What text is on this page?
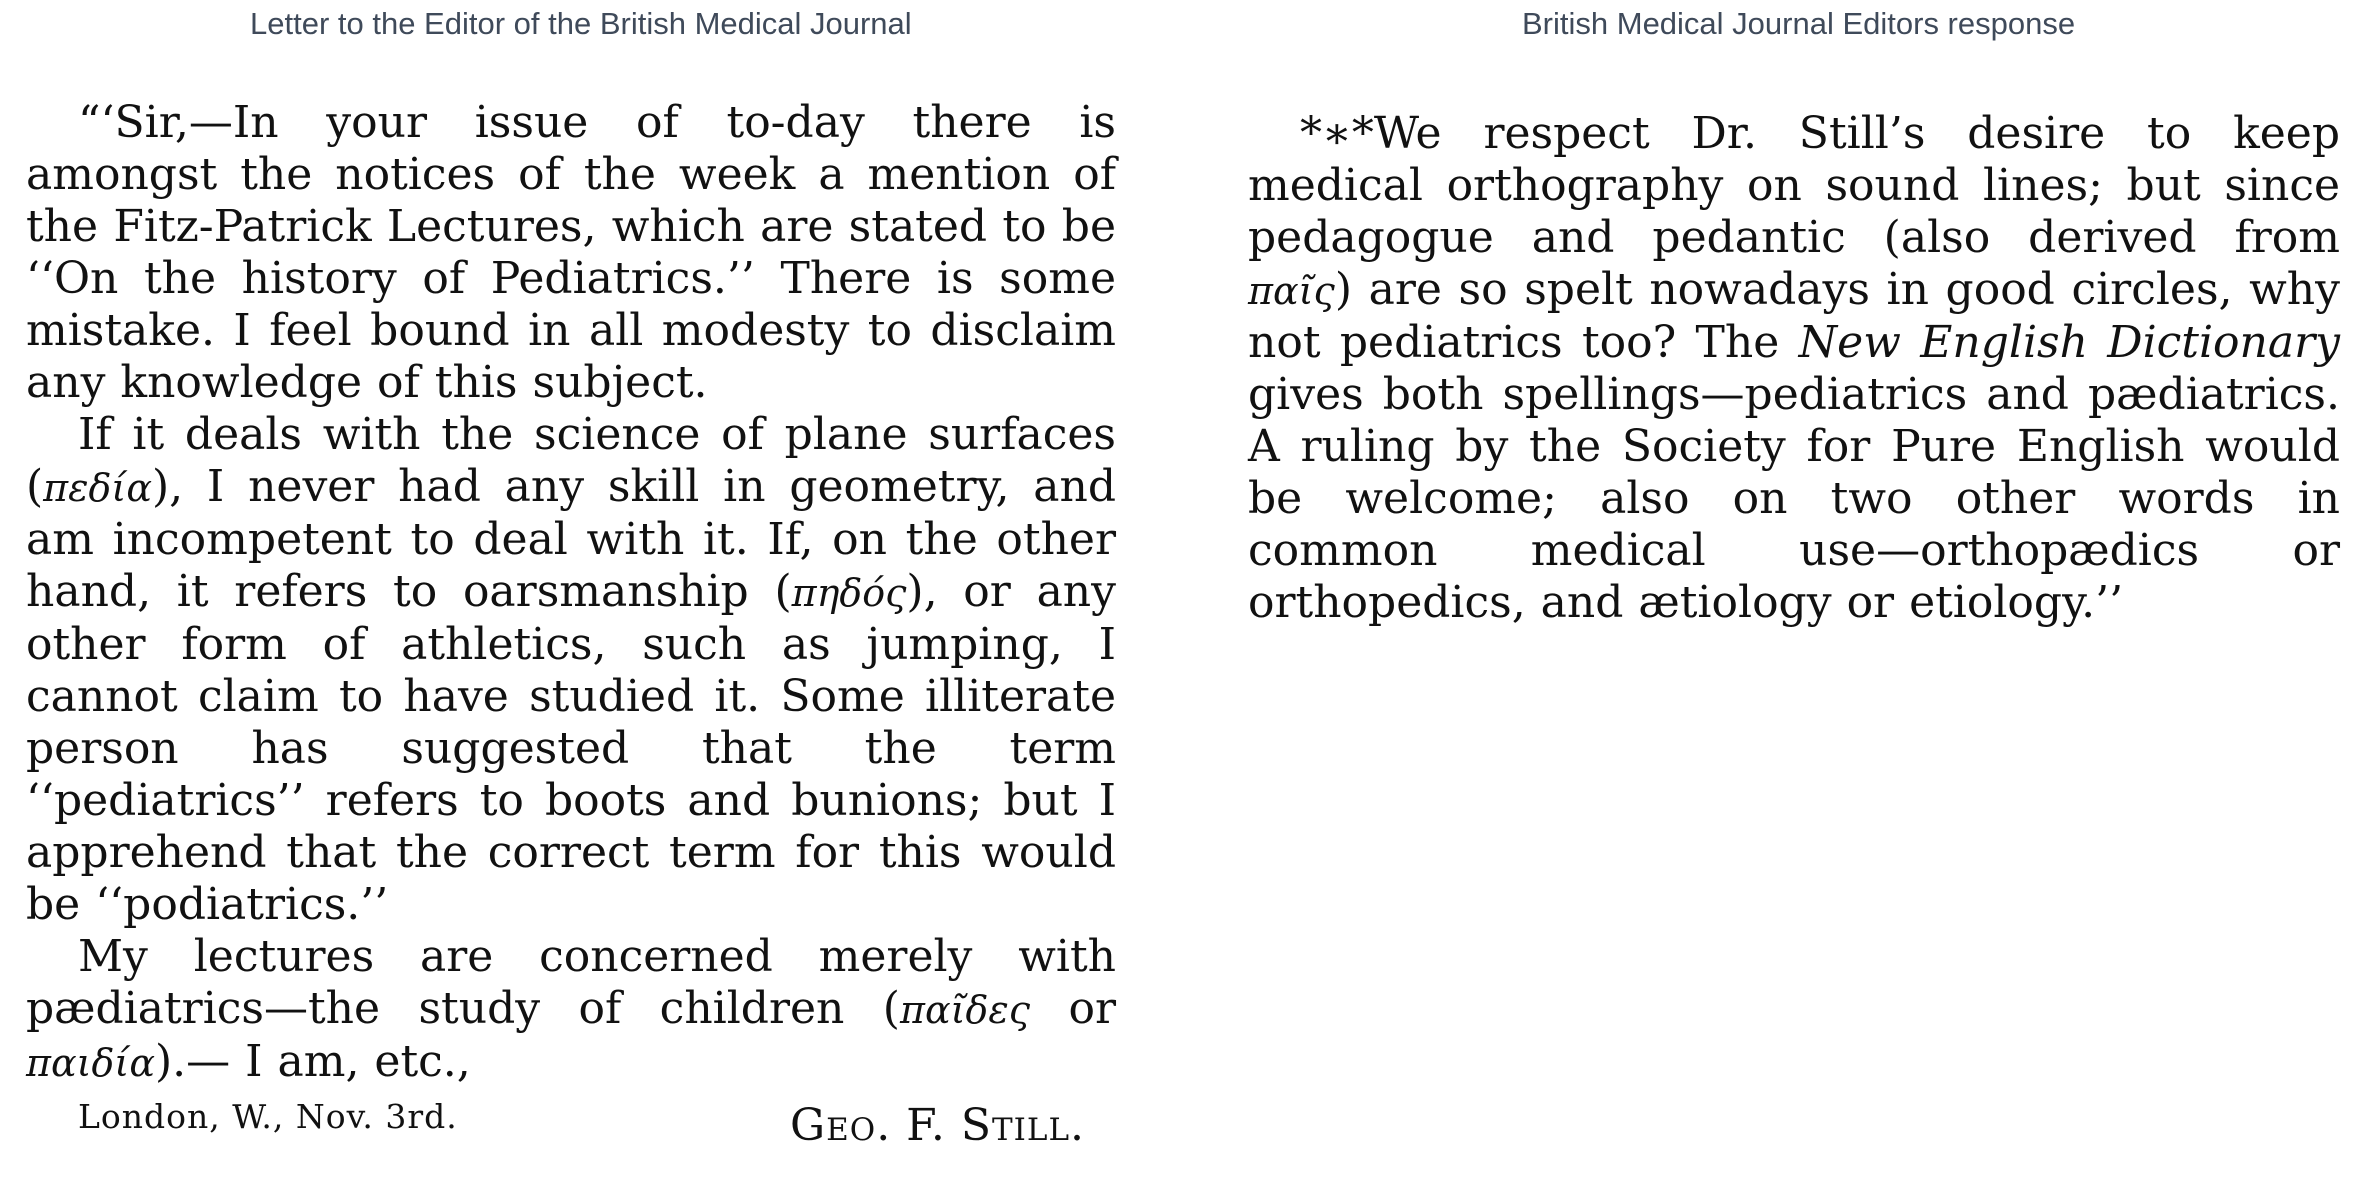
Letter to the Editor of the British Medical Journal	British Medical Journal Editors response

“‘Sir,—In your issue of to-day there is amongst the notices of the week a mention of the Fitz-Patrick Lectures, which are stated to be ‘‘On the history of Pediatrics.’’ There is some mistake. I feel bound in all modesty to disclaim any knowledge of this subject.

If it deals with the science of plane surfaces (πεδία), I never had any skill in geometry, and am incompetent to deal with it. If, on the other hand, it refers to oarsmanship (πηδός), or any other form of athletics, such as jumping, I cannot claim to have studied it. Some illiterate person has suggested that the term ‘‘pediatrics’’ refers to boots and bunions; but I apprehend that the correct term for this would be ‘‘podiatrics.’’

My lectures are concerned merely with pædiatrics—the study of children (παῖδες or παιδία).— I am, etc.,

London, W., Nov. 3rd.	Geo. F. Still.

*∗*We respect Dr. Still’s desire to keep medical orthography on sound lines; but since pedagogue and pedantic (also derived from παῖς) are so spelt nowadays in good circles, why not pediatrics too? The New English Dictionary gives both spellings—pediatrics and pædiatrics. A ruling by the Society for Pure English would be welcome; also on two other words in common medical use—orthopædics or orthopedics, and ætiology or etiology.’’
